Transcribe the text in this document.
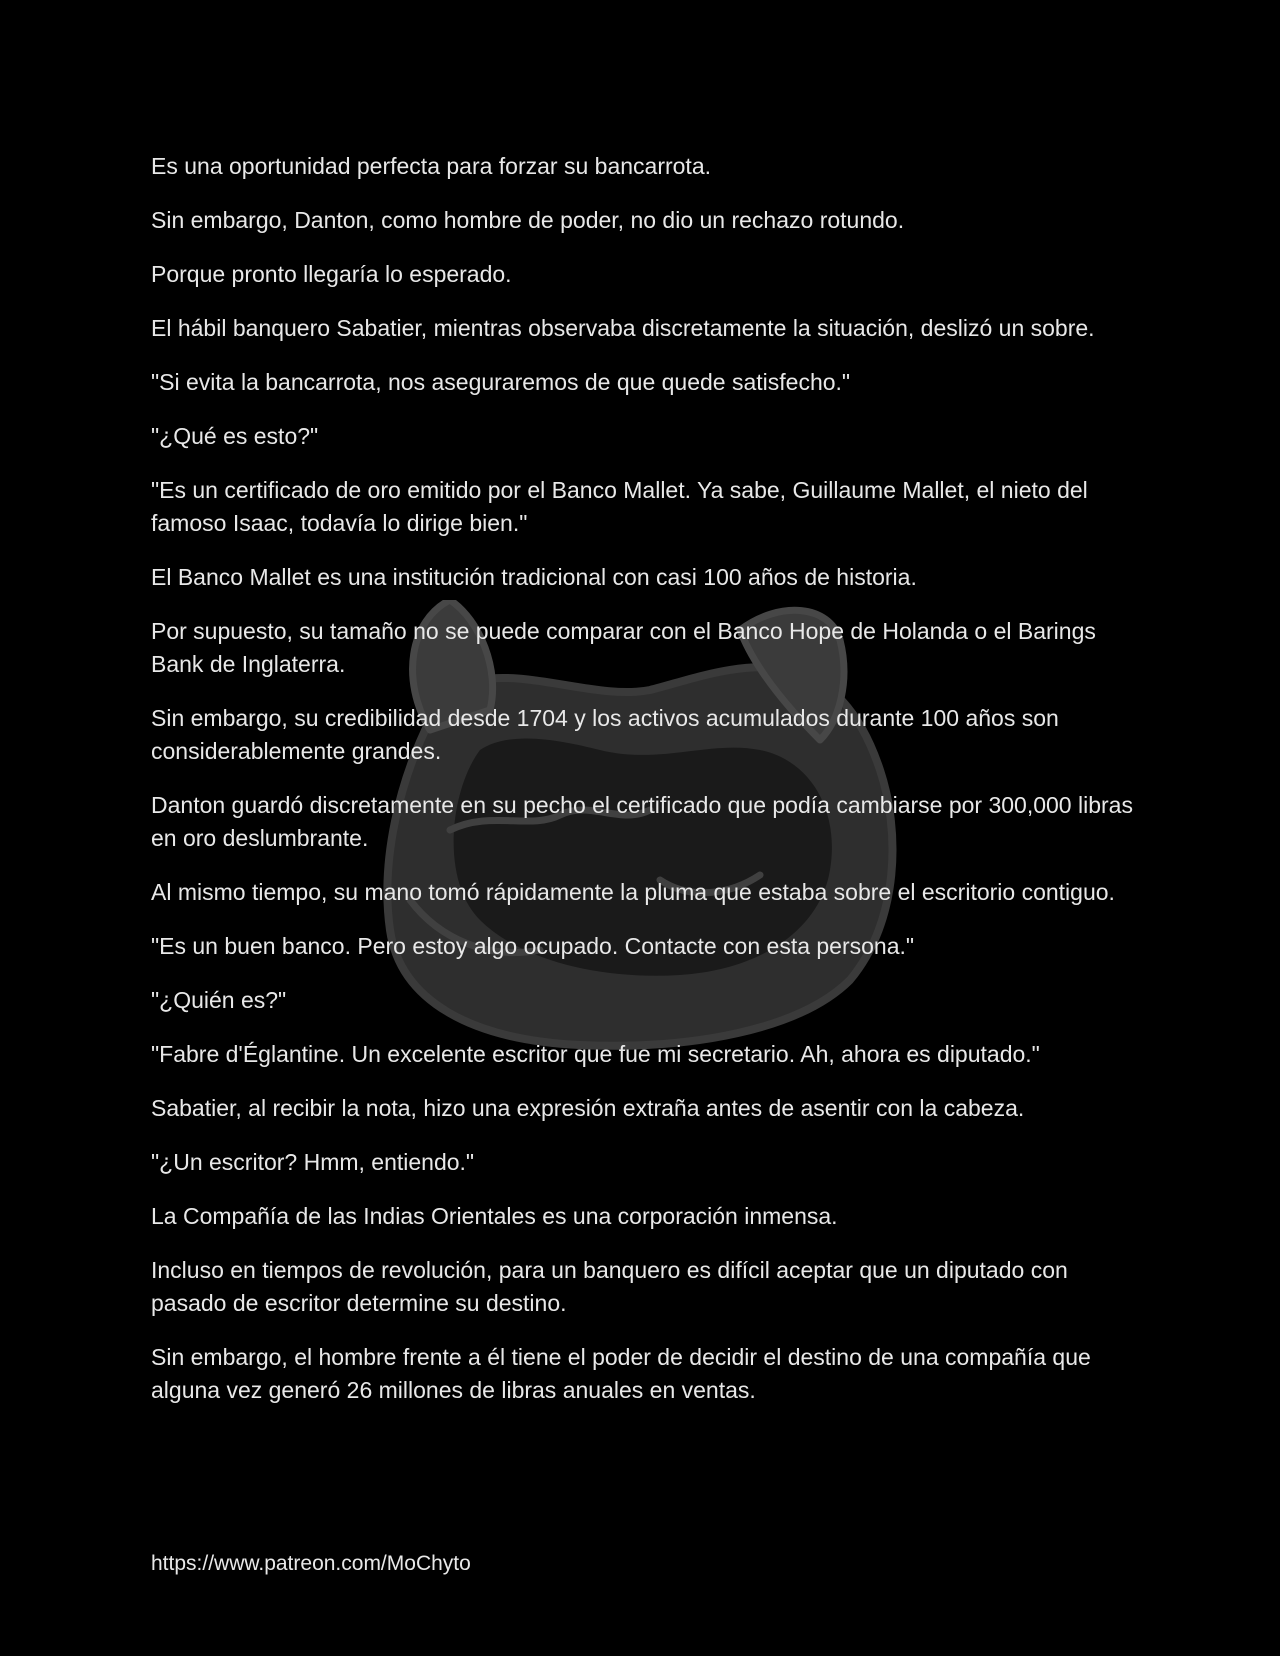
Es una oportunidad perfecta para forzar su bancarrota.

Sin embargo, Danton, como hombre de poder, no dio un rechazo rotundo.

Porque pronto llegaría lo esperado.

El hábil banquero Sabatier, mientras observaba discretamente la situación, deslizó un sobre.

"Si evita la bancarrota, nos aseguraremos de que quede satisfecho."

"¿Qué es esto?"

"Es un certificado de oro emitido por el Banco Mallet. Ya sabe, Guillaume Mallet, el nieto del famoso Isaac, todavía lo dirige bien."

El Banco Mallet es una institución tradicional con casi 100 años de historia.

Por supuesto, su tamaño no se puede comparar con el Banco Hope de Holanda o el Barings Bank de Inglaterra.

Sin embargo, su credibilidad desde 1704 y los activos acumulados durante 100 años son considerablemente grandes.

Danton guardó discretamente en su pecho el certificado que podía cambiarse por 300,000 libras en oro deslumbrante.

Al mismo tiempo, su mano tomó rápidamente la pluma que estaba sobre el escritorio contiguo.

"Es un buen banco. Pero estoy algo ocupado. Contacte con esta persona."

"¿Quién es?"

"Fabre d'Églantine. Un excelente escritor que fue mi secretario. Ah, ahora es diputado."

Sabatier, al recibir la nota, hizo una expresión extraña antes de asentir con la cabeza.

"¿Un escritor? Hmm, entiendo."

La Compañía de las Indias Orientales es una corporación inmensa.

Incluso en tiempos de revolución, para un banquero es difícil aceptar que un diputado con pasado de escritor determine su destino.

Sin embargo, el hombre frente a él tiene el poder de decidir el destino de una compañía que alguna vez generó 26 millones de libras anuales en ventas.

https://www.patreon.com/MoChyto
